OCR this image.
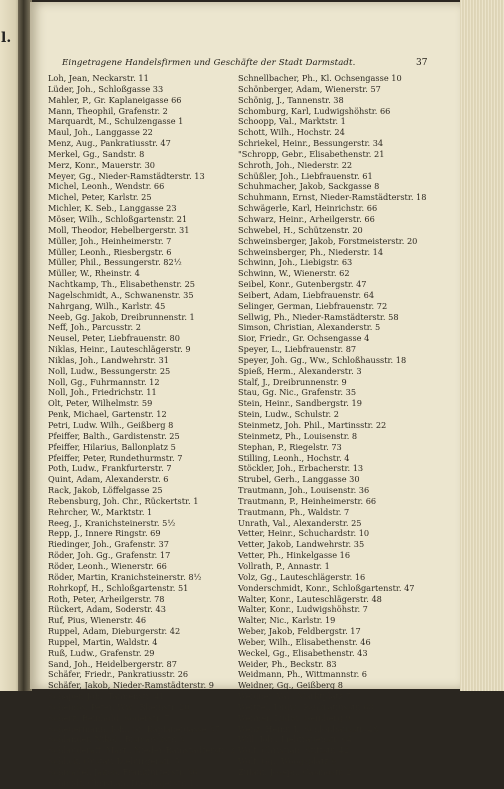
l.
Eingetragene Handelsfirmen und Geschäfte der Stadt Darmstadt.	37
Loh, Jean, Neckarstr. 11
Lüder, Joh., Schloßgasse 33
Mahler, P., Gr. Kaplaneigasse 66
Mann, Theophil, Grafenstr. 2
Marquardt, M., Schulzengasse 1
Maul, Joh., Langgasse 22
Menz, Aug., Pankratiusstr. 47
Merkel, Gg., Sandstr. 8
Merz, Konr., Mauerstr. 30
Meyer, Gg., Nieder-Ramstädterstr. 13
Michel, Leonh., Wendstr. 66
Michel, Peter, Karlstr. 25
Michler, K. Seb., Langgasse 23
Möser, Wilh., Schloßgartenstr. 21
Moll, Theodor, Hebelbergerstr. 31
Müller, Joh., Heinheimerstr. 7
Müller, Leonh., Riesbergstr. 6
Müller, Phil., Bessungerstr. 82½
Müller, W., Rheinstr. 4
Nachtkamp, Th., Elisabethenstr. 25
Nagelschmidt, A., Schwanenstr. 35
Nahrgang, Wilh., Karlstr. 45
Neeb, Gg. Jakob, Dreibrunnenstr. 1
Neff, Joh., Parcusstr. 2
Neusel, Peter, Liebfrauenstr. 80
Niklas, Heinr., Lauteschlägerstr. 9
Niklas, Joh., Landwehrstr. 31
Noll, Ludw., Bessungerstr. 25
Noll, Gg., Fuhrmannstr. 12
Noll, Joh., Friedrichstr. 11
Olt, Peter, Wilhelmstr. 59
Penk, Michael, Gartenstr. 12
Petri, Ludw. Wilh., Geißberg 8
Pfeiffer, Balth., Gardistenstr. 25
Pfeiffer, Hilarius, Ballonplatz 5
Pfeiffer, Peter, Rundethurmstr. 7
Poth, Ludw., Frankfurterstr. 7
Quint, Adam, Alexanderstr. 6
Rack, Jakob, Löffelgasse 25
Rebensburg, Joh. Chr., Rückertstr. 1
Rehrcher, W., Marktstr. 1
Reeg, J., Kranichsteinerstr. 5½
Repp, J., Innere Ringstr. 69
Riedinger, Joh., Grafenstr. 37
Röder, Joh. Gg., Grafenstr. 17
Röder, Leonh., Wienerstr. 66
Röder, Martin, Kranichsteinerstr. 8½
Rohrkopf, H., Schloßgartenstr. 51
Roth, Peter, Arheilgerstr. 78
Rückert, Adam, Soderstr. 43
Ruf, Pius, Wienerstr. 46
Ruppel, Adam, Dieburgerstr. 42
Ruppel, Martin, Waldstr. 4
Ruß, Ludw., Grafenstr. 29
Sand, Joh., Heidelbergerstr. 87
Schäfer, Friedr., Pankratiusstr. 26
Schäfer, Jakob, Nieder-Ramstädterstr. 9
Schaper, Joh., Tannenstr. 41
Schembs, Peter, Ww., Rheinstr. 20
Scherz, Reinhold, Soderstr. 7
Scheuermann, Joh., Gr. Kaplaneigasse 37
Schlander, Nikol., Bismarckstr. 3
Schlauderaff, Mart., Nieder-Ramstädterstr. 3
Schlick, Gustav, Dieburgerstr. 5
Schmadel, Jakob, Frankfurterstr. 36
Schmidt, Christian, Dieburgerstr. 11
Schnellbacher, Ph., Kl. Ochsengasse 10
Schönberger, Adam, Wienerstr. 57
Schönig, J., Tannenstr. 38
Schomburg, Karl, Ludwigshöhstr. 66
Schoopp, Val., Marktstr. 1
Schott, Wilh., Hochstr. 24
Schriekel, Heinr., Bessungerstr. 34
"Schropp, Gebr., Elisabethenstr. 21
Schroth, Joh., Niederstr. 22
Schüßler, Joh., Liebfrauenstr. 61
Schuhmacher, Jakob, Sackgasse 8
Schuhmann, Ernst, Nieder-Ramstädterstr. 18
Schwägerle, Karl, Heinrichstr. 66
Schwarz, Heinr., Arheilgerstr. 66
Schwebel, H., Schützenstr. 20
Schweinsberger, Jakob, Forstmeisterstr. 20
Schweinsberger, Ph., Niederstr. 14
Schwinn, Joh., Liebigstr. 63
Schwinn, W., Wienerstr. 62
Seibel, Konr., Gutenbergstr. 47
Seibert, Adam, Liebfrauenstr. 64
Selinger, German, Liebfrauenstr. 72
Sellwig, Ph., Nieder-Ramstädterstr. 58
Simson, Christian, Alexanderstr. 5
Sior, Friedr., Gr. Ochsengasse 4
Speyer, L., Liebfrauenstr. 87
Speyer, Joh. Gg., Ww., Schloßhausstr. 18
Spieß, Herm., Alexanderstr. 3
Stalf, J., Dreibrunnenstr. 9
Stau, Gg. Nic., Grafenstr. 35
Stein, Heinr., Sandbergstr. 19
Stein, Ludw., Schulstr. 2
Steinmetz, Joh. Phil., Martinsstr. 22
Steinmetz, Ph., Louisenstr. 8
Stephan, P., Riegelstr. 73
Stilling, Leonh., Hochstr. 4
Stöckler, Joh., Erbacherstr. 13
Strubel, Gerh., Langgasse 30
Trautmann, Joh., Louisenstr. 36
Trautmann, P., Heinheimerstr. 66
Trautmann, Ph., Waldstr. 7
Unrath, Val., Alexanderstr. 25
Vetter, Heinr., Schuchardstr. 10
Vetter, Jakob, Landwehrstr. 35
Vetter, Ph., Hinkelgasse 16
Vollrath, P., Annastr. 1
Volz, Gg., Lauteschlägerstr. 16
Vonderschmidt, Konr., Schloßgartenstr. 47
Walter, Konr., Lauteschlägerstr. 48
Walter, Konr., Ludwigshöhstr. 7
Walter, Nic., Karlstr. 19
Weber, Jakob, Feldbergstr. 17
Weber, Wilh., Elisabethenstr. 46
Weckel, Gg., Elisabethenstr. 43
Weider, Ph., Beckstr. 83
Weidmann, Ph., Wittmannstr. 6
Weidner, Gg., Geißberg 8
Weidner, Val., Marktplatz 7
Weitzel, Ludw., Pankratiusstr. 68
Wenner, Ludw., Geißberg 9
Wenz, Heinr. J., Schloßhausstr. 48
Will, Joh., Liebfrauenstr. 64
Wolf, Christian, Stiftstr. 42
Wolf, Gg., Woogsplatz 6
Zulauf, Joseph, Casinostr. 2
